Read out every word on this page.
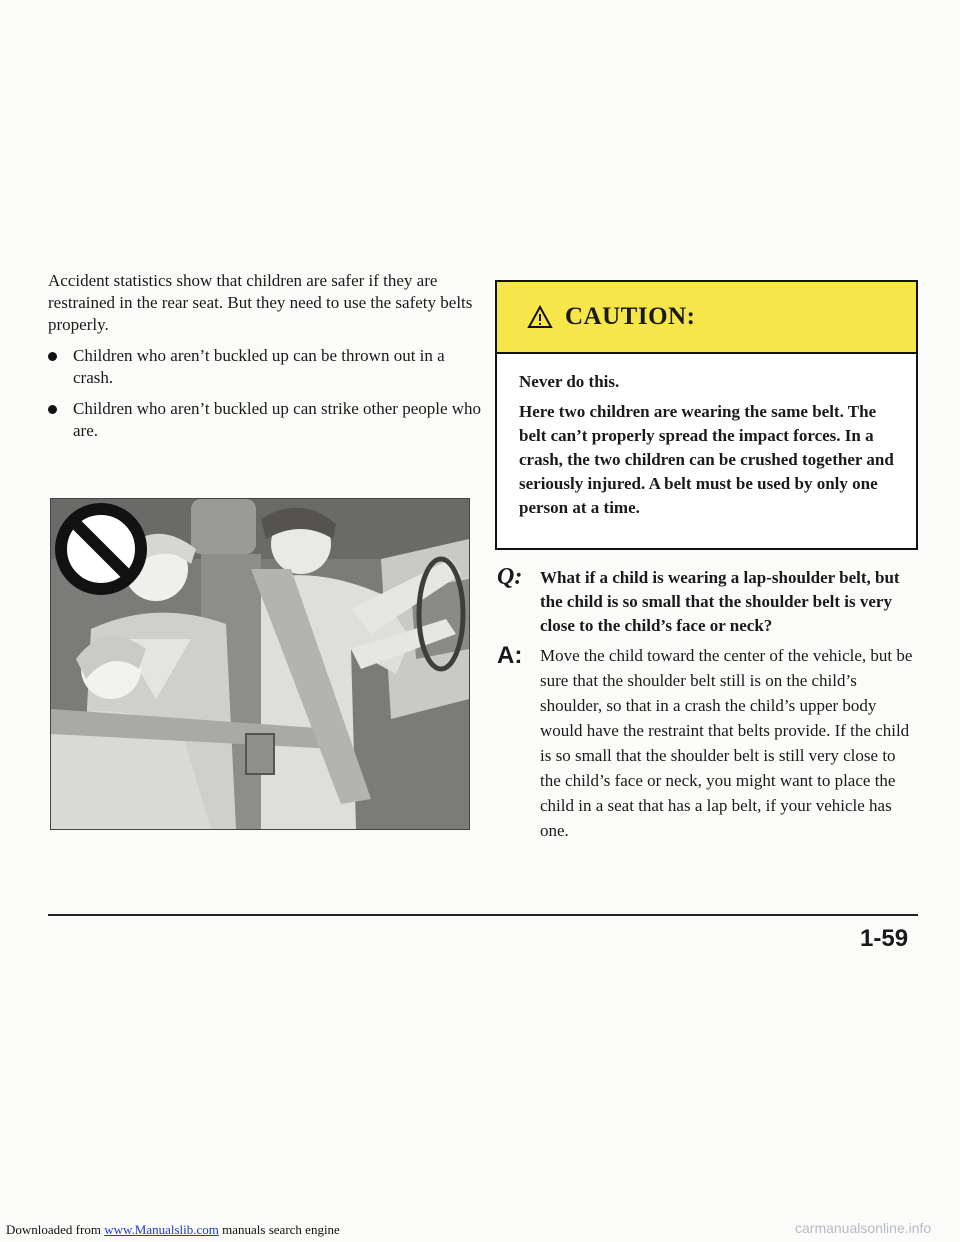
Accident statistics show that children are safer if they are restrained in the rear seat. But they need to use the safety belts properly.

Children who aren’t buckled up can be thrown out in a crash.
Children who aren’t buckled up can strike other people who are.
CAUTION:

Never do this.

Here two children are wearing the same belt. The belt can’t properly spread the impact forces. In a crash, the two children can be crushed together and seriously injured. A belt must be used by only one person at a time.

Q: What if a child is wearing a lap-shoulder belt, but the child is so small that the shoulder belt is very close to the child’s face or neck?

A: Move the child toward the center of the vehicle, but be sure that the shoulder belt still is on the child’s shoulder, so that in a crash the child’s upper body would have the restraint that belts provide. If the child is so small that the shoulder belt is still very close to the child’s face or neck, you might want to place the child in a seat that has a lap belt, if your vehicle has one.

1-59
Downloaded from www.Manualslib.com manuals search engine	carmanualsonline.info
